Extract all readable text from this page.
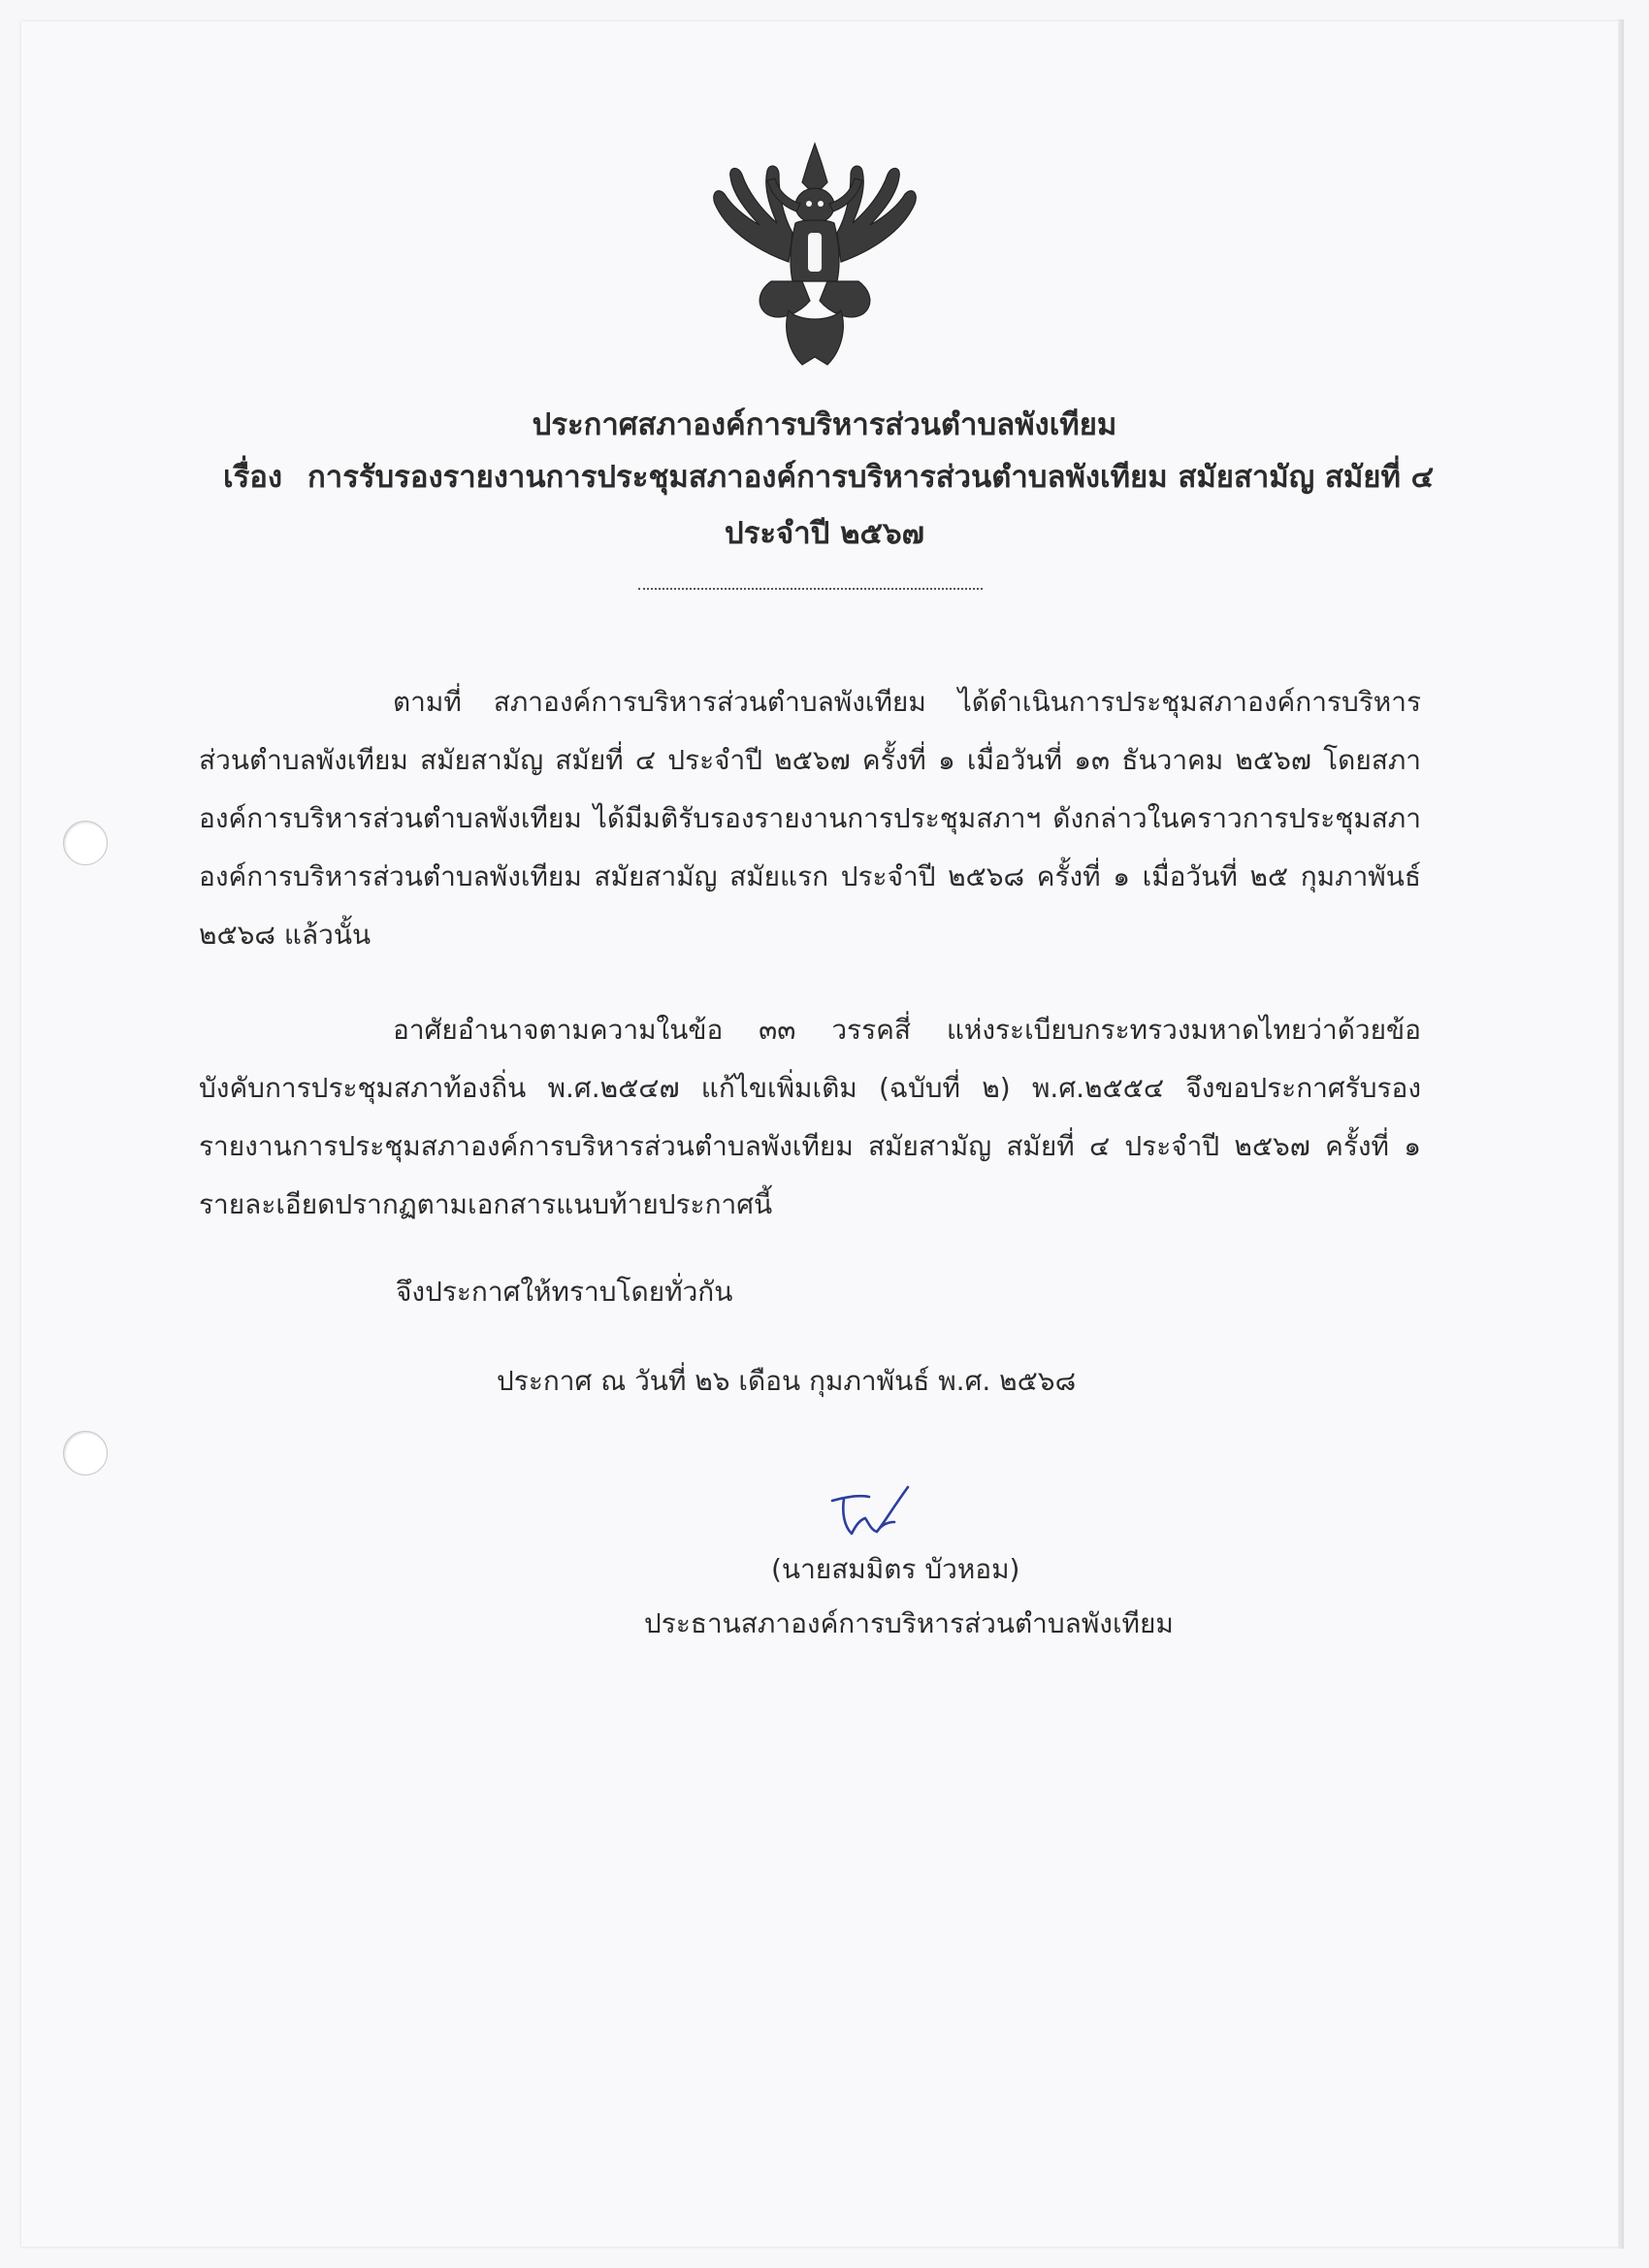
ประกาศสภาองค์การบริหารส่วนตำบลพังเทียม
เรื่อง การรับรองรายงานการประชุมสภาองค์การบริหารส่วนตำบลพังเทียม สมัยสามัญ สมัยที่ ๔
ประจำปี ๒๕๖๗
ตามที่ สภาองค์การบริหารส่วนตำบลพังเทียม ได้ดำเนินการประชุมสภาองค์การบริหารส่วนตำบลพังเทียม สมัยสามัญ สมัยที่ ๔ ประจำปี ๒๕๖๗ ครั้งที่ ๑ เมื่อวันที่ ๑๓ ธันวาคม ๒๕๖๗ โดยสภาองค์การบริหารส่วนตำบลพังเทียม ได้มีมติรับรองรายงานการประชุมสภาฯ ดังกล่าวในคราวการประชุมสภาองค์การบริหารส่วนตำบลพังเทียม สมัยสามัญ สมัยแรก ประจำปี ๒๕๖๘ ครั้งที่ ๑ เมื่อวันที่ ๒๕ กุมภาพันธ์ ๒๕๖๘ แล้วนั้น
อาศัยอำนาจตามความในข้อ ๓๓ วรรคสี่ แห่งระเบียบกระทรวงมหาดไทยว่าด้วยข้อบังคับการประชุมสภาท้องถิ่น พ.ศ.๒๕๔๗ แก้ไขเพิ่มเติม (ฉบับที่ ๒) พ.ศ.๒๕๕๔ จึงขอประกาศรับรองรายงานการประชุมสภาองค์การบริหารส่วนตำบลพังเทียม สมัยสามัญ สมัยที่ ๔ ประจำปี ๒๕๖๗ ครั้งที่ ๑ รายละเอียดปรากฏตามเอกสารแนบท้ายประกาศนี้
จึงประกาศให้ทราบโดยทั่วกัน
ประกาศ ณ วันที่ ๒๖ เดือน กุมภาพันธ์ พ.ศ. ๒๕๖๘
(นายสมมิตร บัวหอม)
ประธานสภาองค์การบริหารส่วนตำบลพังเทียม
